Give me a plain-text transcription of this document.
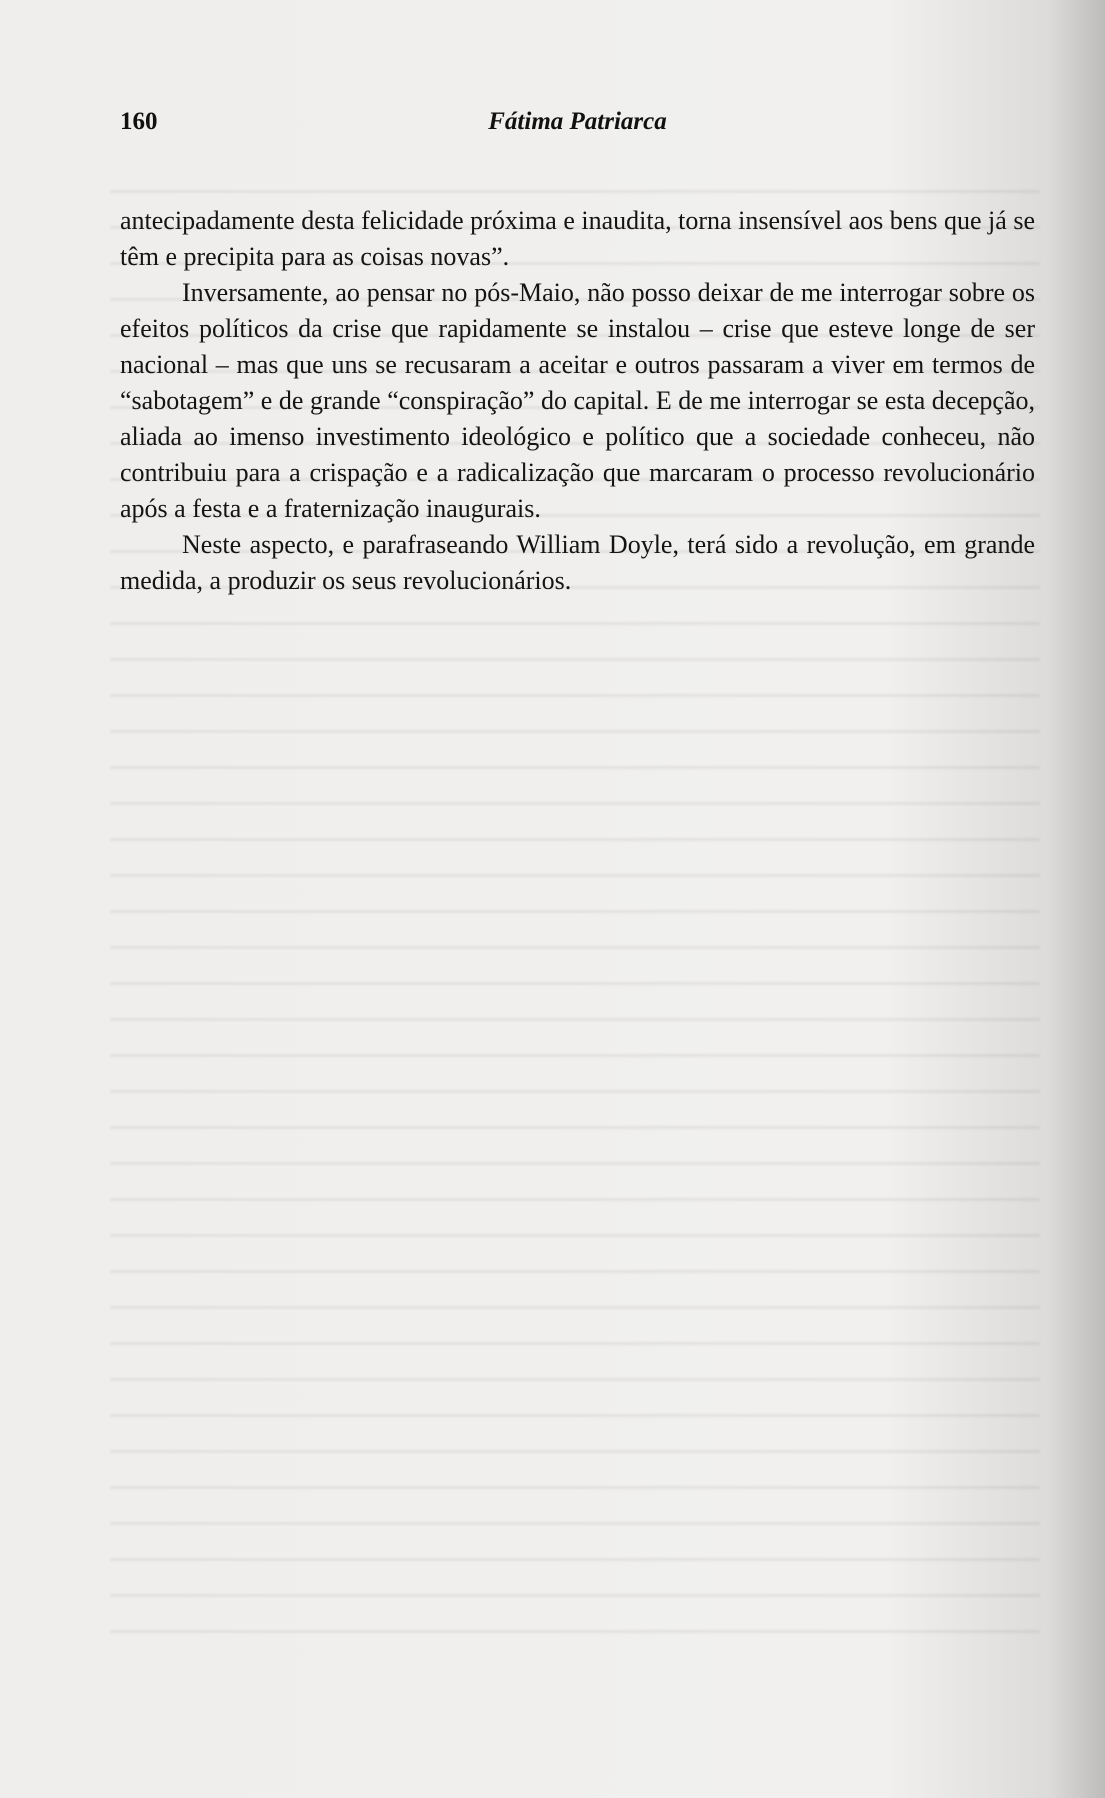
160	Fátima Patriarca

antecipadamente desta felicidade próxima e inaudita, torna insensível aos bens que já se têm e precipita para as coisas novas”.

Inversamente, ao pensar no pós-Maio, não posso deixar de me interrogar sobre os efeitos políticos da crise que rapidamente se instalou – crise que esteve longe de ser nacional – mas que uns se recusaram a aceitar e outros passaram a viver em termos de “sabotagem” e de grande “conspiração” do capital. E de me interrogar se esta decepção, aliada ao imenso investimento ideológico e político que a sociedade conheceu, não contribuiu para a crispação e a radicalização que marcaram o processo revolucionário após a festa e a fraternização inaugurais.

Neste aspecto, e parafraseando William Doyle, terá sido a revolução, em grande medida, a produzir os seus revolucionários.
